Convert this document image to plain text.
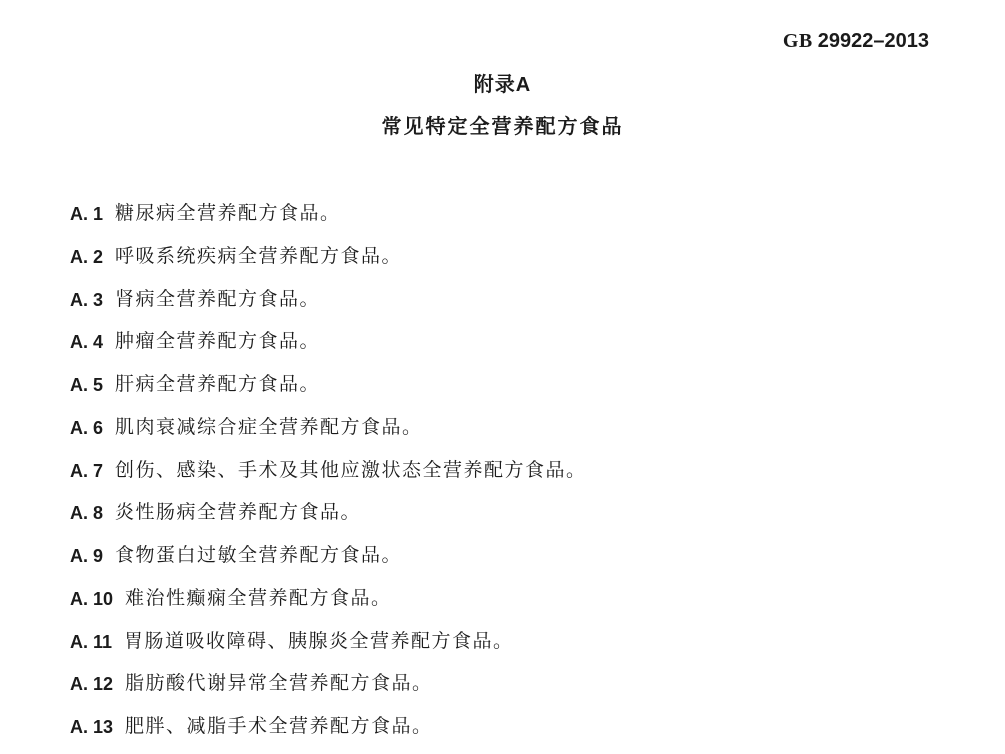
GB 29922–2013
附录A
常见特定全营养配方食品
A. 1 糖尿病全营养配方食品。
A. 2 呼吸系统疾病全营养配方食品。
A. 3 肾病全营养配方食品。
A. 4 肿瘤全营养配方食品。
A. 5 肝病全营养配方食品。
A. 6 肌肉衰减综合症全营养配方食品。
A. 7 创伤、感染、手术及其他应激状态全营养配方食品。
A. 8 炎性肠病全营养配方食品。
A. 9 食物蛋白过敏全营养配方食品。
A. 10 难治性癫痫全营养配方食品。
A. 11 胃肠道吸收障碍、胰腺炎全营养配方食品。
A. 12 脂肪酸代谢异常全营养配方食品。
A. 13 肥胖、减脂手术全营养配方食品。
